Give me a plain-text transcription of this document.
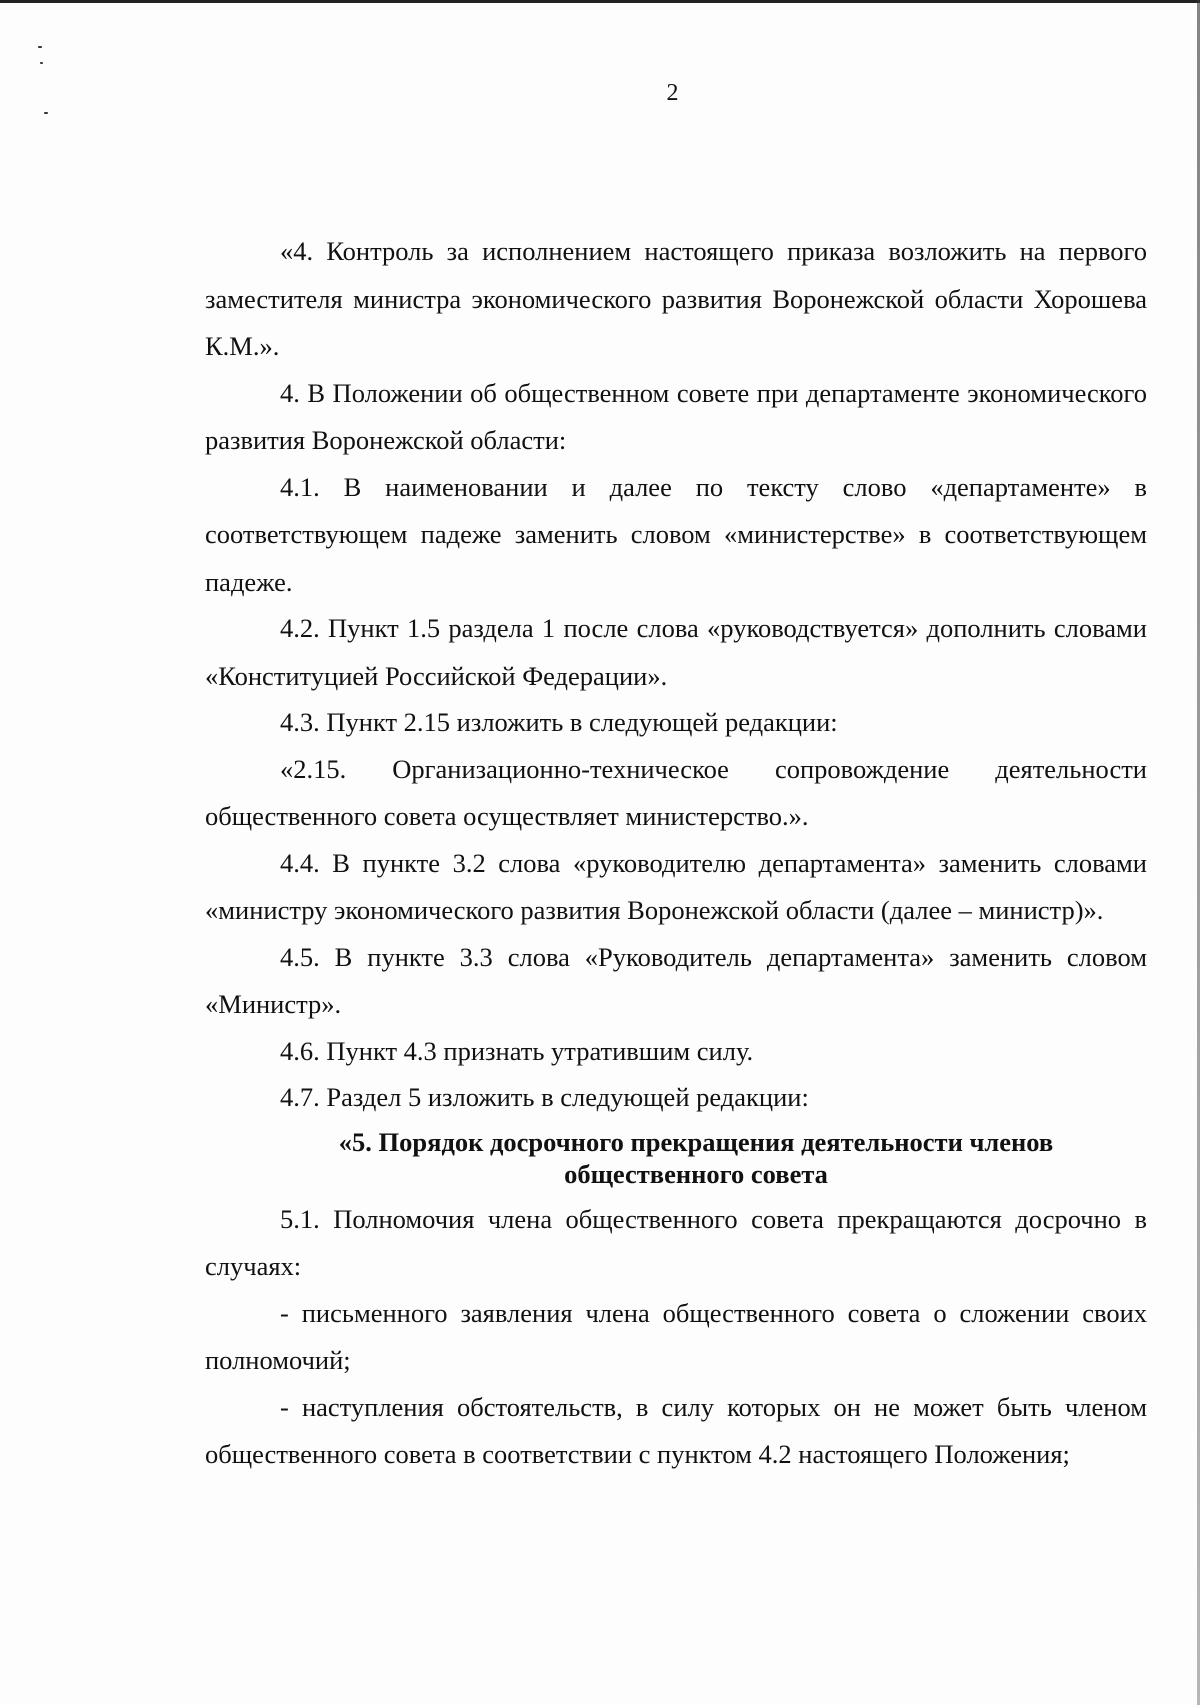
2

«4. Контроль за исполнением настоящего приказа возложить на первого заместителя министра экономического развития Воронежской области Хорошева К.М.».

4. В Положении об общественном совете при департаменте экономического развития Воронежской области:

4.1. В наименовании и далее по тексту слово «департаменте» в соответствующем падеже заменить словом «министерстве» в соответствующем падеже.

4.2. Пункт 1.5 раздела 1 после слова «руководствуется» дополнить словами «Конституцией Российской Федерации».

4.3. Пункт 2.15 изложить в следующей редакции:

«2.15. Организационно-техническое сопровождение деятельности общественного совета осуществляет министерство.».

4.4. В пункте 3.2 слова «руководителю департамента» заменить словами «министру экономического развития Воронежской области (далее – министр)».

4.5. В пункте 3.3 слова «Руководитель департамента» заменить словом «Министр».

4.6. Пункт 4.3 признать утратившим силу.

4.7. Раздел 5 изложить в следующей редакции:

«5. Порядок досрочного прекращения деятельности членов
общественного совета

5.1. Полномочия члена общественного совета прекращаются досрочно в случаях:

- письменного заявления члена общественного совета о сложении своих полномочий;

- наступления обстоятельств, в силу которых он не может быть членом общественного совета в соответствии с пунктом 4.2 настоящего Положения;
